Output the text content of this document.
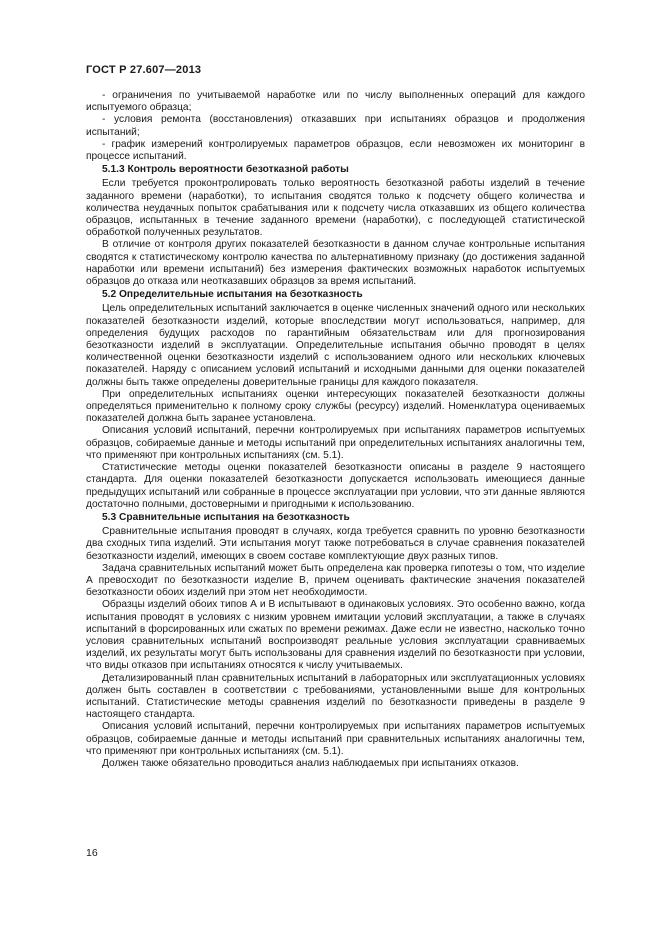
ГОСТ Р 27.607—2013

- ограничения по учитываемой наработке или по числу выполненных операций для каждого испытуемого образца;

- условия ремонта (восстановления) отказавших при испытаниях образцов и продолжения испытаний;

- график измерений контролируемых параметров образцов, если невозможен их мониторинг в процессе испытаний.

5.1.3 Контроль вероятности безотказной работы

Если требуется проконтролировать только вероятность безотказной работы изделий в течение заданного времени (наработки), то испытания сводятся только к подсчету общего количества и количества неудачных попыток срабатывания или к подсчету числа отказавших из общего количества образцов, испытанных в течение заданного времени (наработки), с последующей статистической обработкой полученных результатов.

В отличие от контроля других показателей безотказности в данном случае контрольные испытания сводятся к статистическому контролю качества по альтернативному признаку (до достижения заданной наработки или времени испытаний) без измерения фактических возможных наработок испытуемых образцов до отказа или неотказавших образцов за время испытаний.

5.2 Определительные испытания на безотказность

Цель определительных испытаний заключается в оценке численных значений одного или нескольких показателей безотказности изделий, которые впоследствии могут использоваться, например, для определения будущих расходов по гарантийным обязательствам или для прогнозирования безотказности изделий в эксплуатации. Определительные испытания обычно проводят в целях количественной оценки безотказности изделий с использованием одного или нескольких ключевых показателей. Наряду с описанием условий испытаний и исходными данными для оценки показателей должны быть также определены доверительные границы для каждого показателя.

При определительных испытаниях оценки интересующих показателей безотказности должны определяться применительно к полному сроку службы (ресурсу) изделий. Номенклатура оцениваемых показателей должна быть заранее установлена.

Описания условий испытаний, перечни контролируемых при испытаниях параметров испытуемых образцов, собираемые данные и методы испытаний при определительных испытаниях аналогичны тем, что применяют при контрольных испытаниях (см. 5.1).

Статистические методы оценки показателей безотказности описаны в разделе 9 настоящего стандарта. Для оценки показателей безотказности допускается использовать имеющиеся данные предыдущих испытаний или собранные в процессе эксплуатации при условии, что эти данные являются достаточно полными, достоверными и пригодными к использованию.

5.3 Сравнительные испытания на безотказность

Сравнительные испытания проводят в случаях, когда требуется сравнить по уровню безотказности два сходных типа изделий. Эти испытания могут также потребоваться в случае сравнения показателей безотказности изделий, имеющих в своем составе комплектующие двух разных типов.

Задача сравнительных испытаний может быть определена как проверка гипотезы о том, что изделие А превосходит по безотказности изделие В, причем оценивать фактические значения показателей безотказности обоих изделий при этом нет необходимости.

Образцы изделий обоих типов А и В испытывают в одинаковых условиях. Это особенно важно, когда испытания проводят в условиях с низким уровнем имитации условий эксплуатации, а также в случаях испытаний в форсированных или сжатых по времени режимах. Даже если не известно, насколько точно условия сравнительных испытаний воспроизводят реальные условия эксплуатации сравниваемых изделий, их результаты могут быть использованы для сравнения изделий по безотказности при условии, что виды отказов при испытаниях относятся к числу учитываемых.

Детализированный план сравнительных испытаний в лабораторных или эксплуатационных условиях должен быть составлен в соответствии с требованиями, установленными выше для контрольных испытаний. Статистические методы сравнения изделий по безотказности приведены в разделе 9 настоящего стандарта.

Описания условий испытаний, перечни контролируемых при испытаниях параметров испытуемых образцов, собираемые данные и методы испытаний при сравнительных испытаниях аналогичны тем, что применяют при контрольных испытаниях (см. 5.1).

Должен также обязательно проводиться анализ наблюдаемых при испытаниях отказов.

16
